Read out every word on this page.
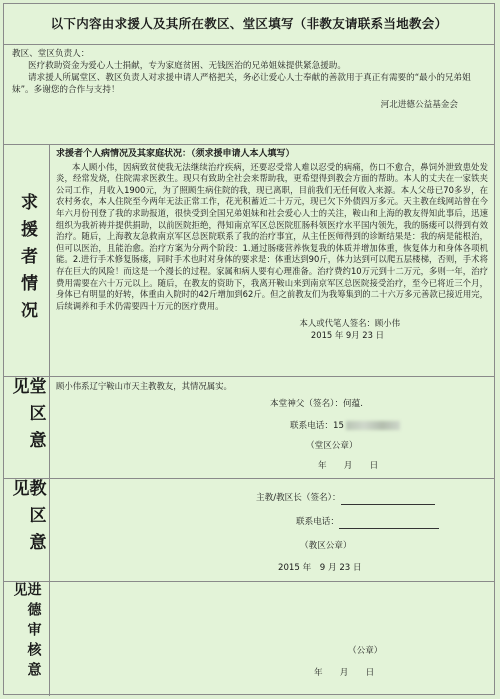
以下内容由求援人及其所在教区、堂区填写（非教友请联系当地教会）
教区、堂区负责人：
医疗救助资金为爱心人士捐献，专为家庭贫困、无钱医治的兄弟姐妹提供紧急援助。
请求援人所属堂区、教区负责人对求援申请人严格把关，务必让爱心人士奉献的善款用于真正有需要的“最小的兄弟姐妹”。多谢您的合作与支持！
河北进德公益基金会
求援者情况
求援者个人病情况及其家庭状况：（须求援申请人本人填写）
本人顾小伟，因病致贫使我无法继续治疗疾病，还要忍受常人难以忍受的病痛，伤口不愈合，鼻饲外泄致患处发炎，经常发烧，住院需求医救生。现只有致助全社会来帮助我，更希望得到教会方面的帮助。本人的丈夫在一家铁夹公司工作，月收入1900元，为了照顾生病住院的我，现已离职，目前我们无任何收入来源。本人父母已70多岁，在农村务农，本人住院至今两年无法正常工作，花光积蓄近二十万元，现已欠下外债四万多元。天主教在线网站曾在今年六月份刊登了我的求助报道，很快受到全国兄弟姐妹和社会爱心人士的关注，鞍山和上海的教友得知此事后，迅速组织为我祈祷并提供捐助，以前医院拒绝，得知南京军区总医院肛肠科领医疗水平国内领先，我的肠瘘可以得到有效治疗。随后，上海教友急救南京军区总医院联系了我的治疗事宜，从主任医师得到的诊断结果是：我的病是能根治，但可以医治，且能治愈。治疗方案为分两个阶段：1.通过肠瘘营养恢复我的体质并增加体重，恢复体力和身体各项机能。2.进行手术修复肠瘘，同时手术也时对身体的要求是：体重达到90斤，体力达到可以爬五层楼梯，否则，手术将存在巨大的风险！而这是一个漫长的过程。家属和病人要有心理准备。治疗费约10万元到十二万元，多则一年，治疗费用需要在六十万元以上。随后，在教友的资助下，我离开鞍山来到南京军区总医院接受治疗，至今已将近三个月，身体已有明显的好转，体重由入院时的42斤增加到62斤。但之前教友们为我筹集到的二十六万多元善款已接近用完，后续调养和手术仍需要四十万元的医疗费用。
本人或代笔人签名：顾小伟
2015 年 9月 23 日
堂区意见	顾小伟系辽宁鞍山市天主教教友，其情况属实。
本堂神父（签名）：何蕴.
联系电话：15
（堂区公章）
年　　月　　日
教区意见	主教/教区长（签名）：
联系电话：
（教区公章）
2015 年　9 月 23 日
进德审核意见
（公章）
年　　月　　日
